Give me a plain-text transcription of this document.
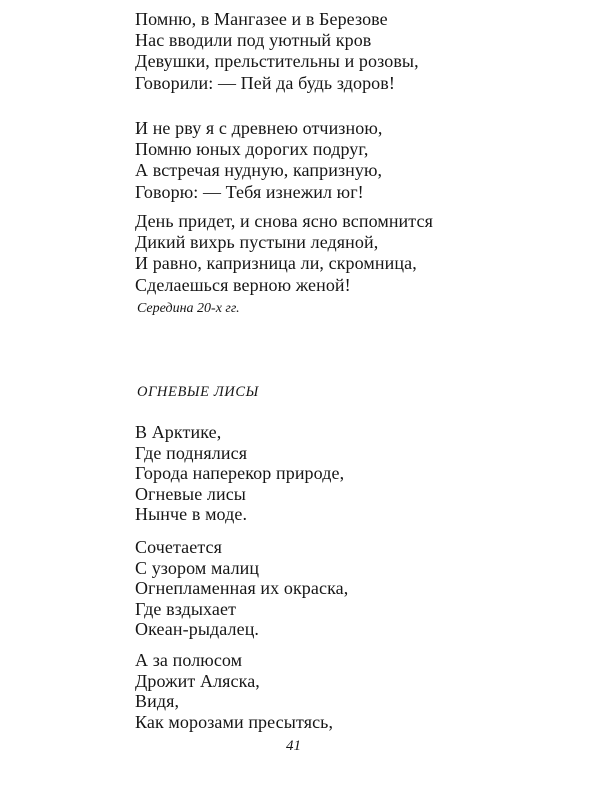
Помню, в Мангазее и в Березове
Нас вводили под уютный кров
Девушки, прельстительны и розовы,
Говорили: — Пей да будь здоров!
И не рву я с древнею отчизною,
Помню юных дорогих подруг,
А встречая нудную, капризную,
Говорю: — Тебя изнежил юг!
День придет, и снова ясно вспомнится
Дикий вихрь пустыни ледяной,
И равно, капризница ли, скромница,
Сделаешься верною женой!
Середина 20-х гг.
ОГНЕВЫЕ ЛИСЫ
В Арктике,
Где поднялися
Города наперекор природе,
Огневые лисы
Нынче в моде.
Сочетается
С узором малиц
Огнепламенная их окраска,
Где вздыхает
Океан-рыдалец.
А за полюсом
Дрожит Аляска,
Видя,
Как морозами пресытясь,
41
